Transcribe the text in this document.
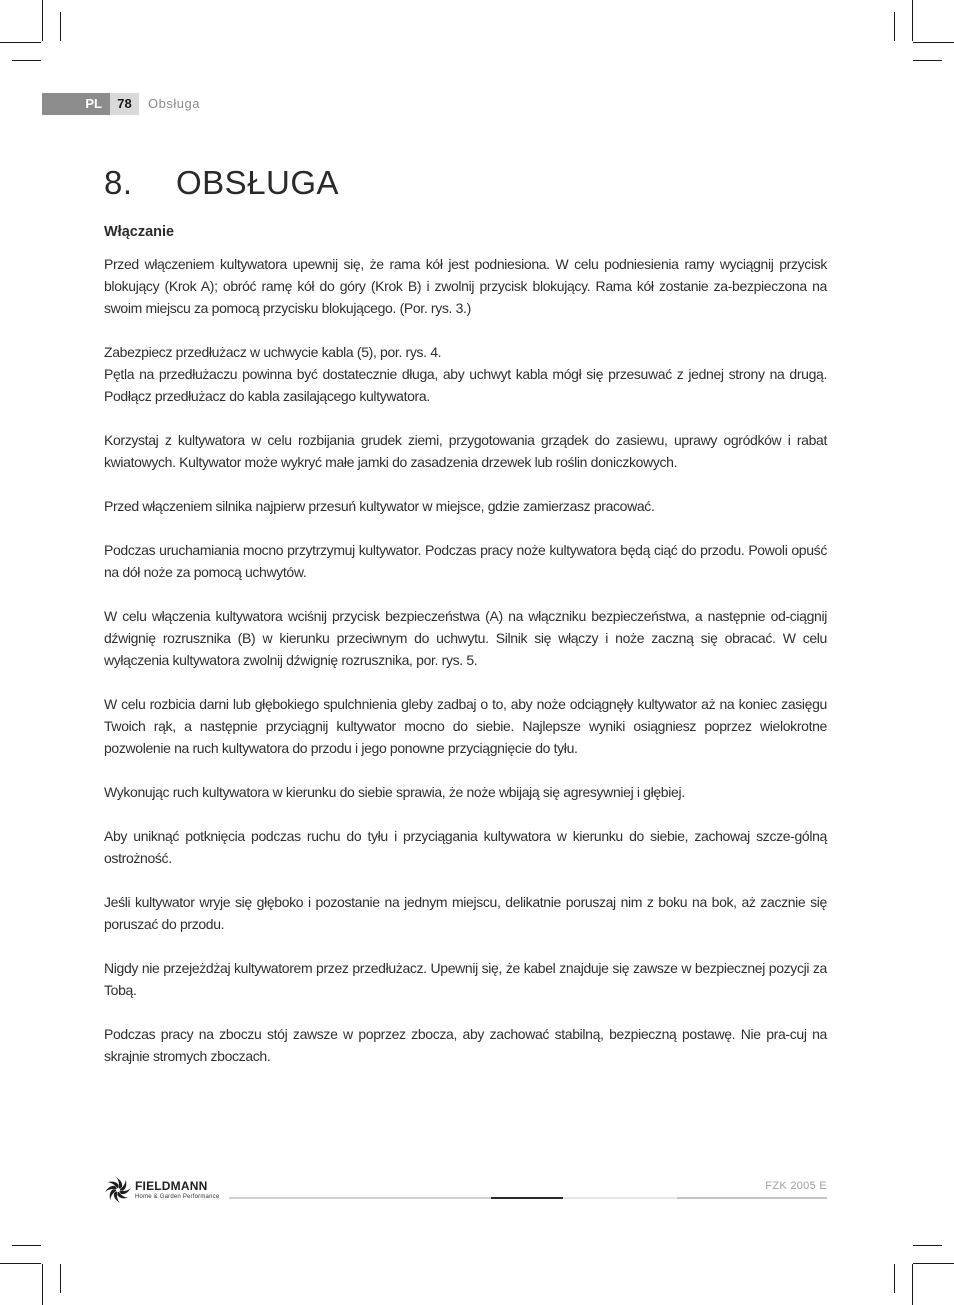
PL	78	Obsługa
8. OBSŁUGA
Włączanie

Przed włączeniem kultywatora upewnij się, że rama kół jest podniesiona. W celu podniesienia ramy wyciągnij przycisk blokujący (Krok A); obróć ramę kół do góry (Krok B) i zwolnij przycisk blokujący. Rama kół zostanie za-bezpieczona na swoim miejscu za pomocą przycisku blokującego. (Por. rys. 3.)

Zabezpiecz przedłużacz w uchwycie kabla (5), por. rys. 4.
Pętla na przedłużaczu powinna być dostatecznie długa, aby uchwyt kabla mógł się przesuwać z jednej strony na drugą. Podłącz przedłużacz do kabla zasilającego kultywatora.

Korzystaj z kultywatora w celu rozbijania grudek ziemi, przygotowania grządek do zasiewu, uprawy ogródków i rabat kwiatowych. Kultywator może wykryć małe jamki do zasadzenia drzewek lub roślin doniczkowych.

Przed włączeniem silnika najpierw przesuń kultywator w miejsce, gdzie zamierzasz pracować.

Podczas uruchamiania mocno przytrzymuj kultywator. Podczas pracy noże kultywatora będą ciąć do przodu. Powoli opuść na dół noże za pomocą uchwytów.

W celu włączenia kultywatora wciśnij przycisk bezpieczeństwa (A) na włączniku bezpieczeństwa, a następnie od-ciągnij dźwignię rozrusznika (B) w kierunku przeciwnym do uchwytu. Silnik się włączy i noże zaczną się obracać. W celu wyłączenia kultywatora zwolnij dźwignię rozrusznika, por. rys. 5.

W celu rozbicia darni lub głębokiego spulchnienia gleby zadbaj o to, aby noże odciągnęły kultywator aż na koniec zasięgu Twoich rąk, a następnie przyciągnij kultywator mocno do siebie. Najlepsze wyniki osiągniesz poprzez wielokrotne pozwolenie na ruch kultywatora do przodu i jego ponowne przyciągnięcie do tyłu.

Wykonując ruch kultywatora w kierunku do siebie sprawia, że noże wbijają się agresywniej i głębiej.

Aby uniknąć potknięcia podczas ruchu do tyłu i przyciągania kultywatora w kierunku do siebie, zachowaj szcze-gólną ostrożność.

Jeśli kultywator wryje się głęboko i pozostanie na jednym miejscu, delikatnie poruszaj nim z boku na bok, aż zacznie się poruszać do przodu.

Nigdy nie przejeżdżaj kultywatorem przez przedłużacz. Upewnij się, że kabel znajduje się zawsze w bezpiecznej pozycji za Tobą.

Podczas pracy na zboczu stój zawsze w poprzez zbocza, aby zachować stabilną, bezpieczną postawę. Nie pra-cuj na skrajnie stromych zboczach.

FIELDMANN
Home & Garden Performance
FZK 2005 E
